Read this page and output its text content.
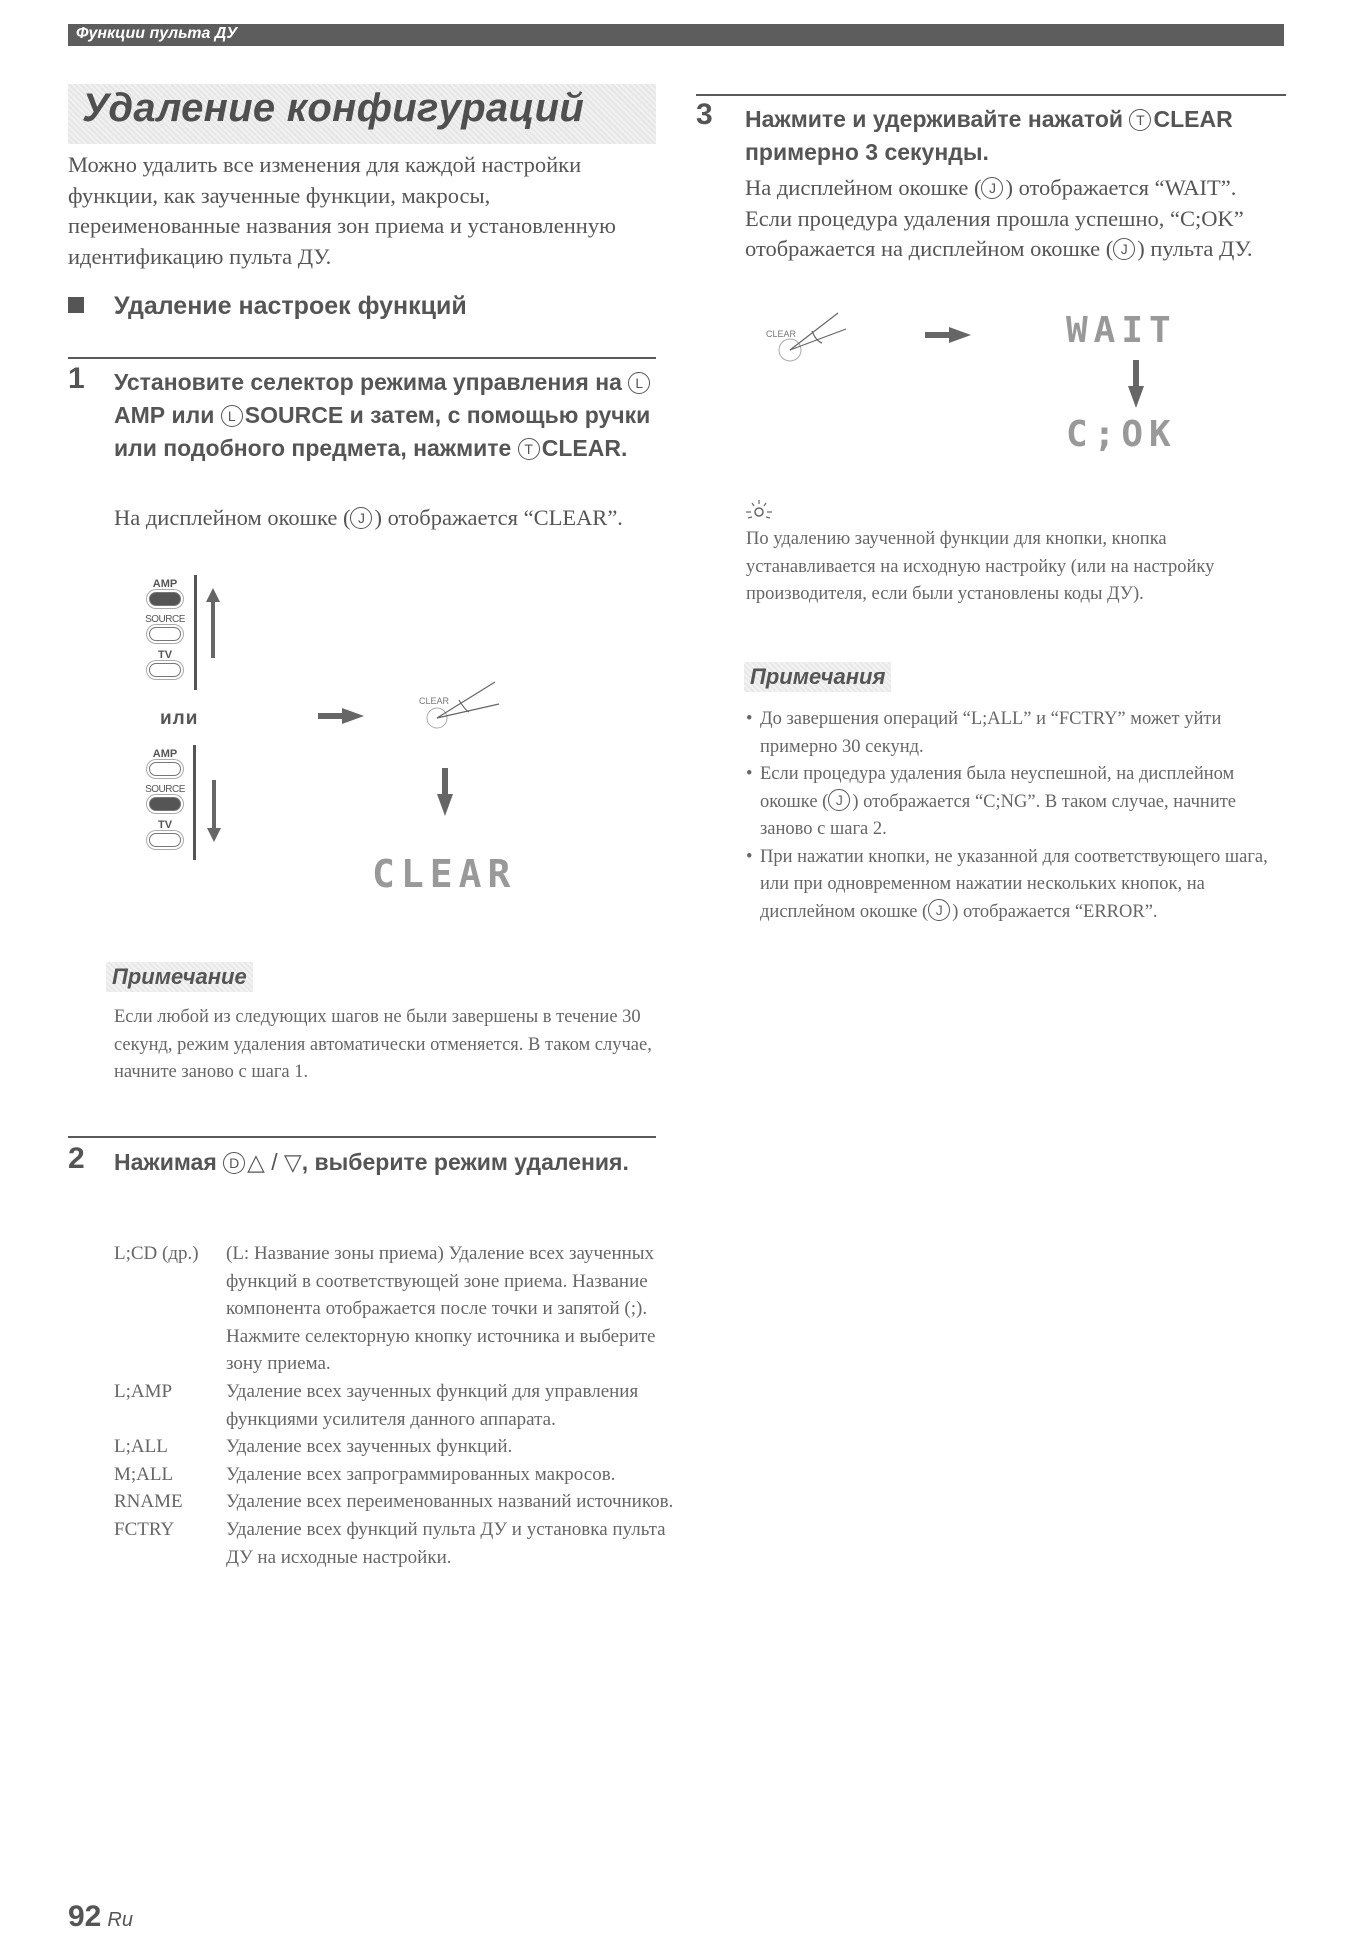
Функции пульта ДУ
Удаление конфигураций
Можно удалить все изменения для каждой настройки функции, как заученные функции, макросы, переименованные названия зон приема и установленную идентификацию пульта ДУ.
Удаление настроек функций
1 Установите селектор режима управления на LAMP или L SOURCE и затем, с помощью ручки или подобного предмета, нажмите T CLEAR.
На дисплейном окошке ( J ) отображается “CLEAR”.
AMP
SOURCE
TV
или
AMP
SOURCE
TV
CLEAR
CLEAR
Примечание
Если любой из следующих шагов не были завершены в течение 30 секунд, режим удаления автоматически отменяется. В таком случае, начните заново с шага 1.
2 Нажимая D △ / ▽, выберите режим удаления.
L;CD (др.)	(L: Название зоны приема) Удаление всех заученных функций в соответствующей зоне приема. Название компонента отображается после точки и запятой (;). Нажмите селекторную кнопку источника и выберите зону приема.
L;AMP	Удаление всех заученных функций для управления функциями усилителя данного аппарата.
L;ALL	Удаление всех заученных функций.
M;ALL	Удаление всех запрограммированных макросов.
RNAME	Удаление всех переименованных названий источников.
FCTRY	Удаление всех функций пульта ДУ и установка пульта ДУ на исходные настройки.
3 Нажмите и удерживайте нажатой T CLEAR примерно 3 секунды.
На дисплейном окошке ( J ) отображается “WAIT”. Если процедура удаления прошла успешно, “C;OK” отображается на дисплейном окошке ( J ) пульта ДУ.
CLEAR	WAIT
C;OK
По удалению заученной функции для кнопки, кнопка устанавливается на исходную настройку (или на настройку производителя, если были установлены коды ДУ).
Примечания
• До завершения операций “L;ALL” и “FCTRY” может уйти примерно 30 секунд.
• Если процедура удаления была неуспешной, на дисплейном окошке ( J ) отображается “C;NG”. В таком случае, начните заново с шага 2.
• При нажатии кнопки, не указанной для соответствующего шага, или при одновременном нажатии нескольких кнопок, на дисплейном окошке ( J ) отображается “ERROR”.
92 Ru
